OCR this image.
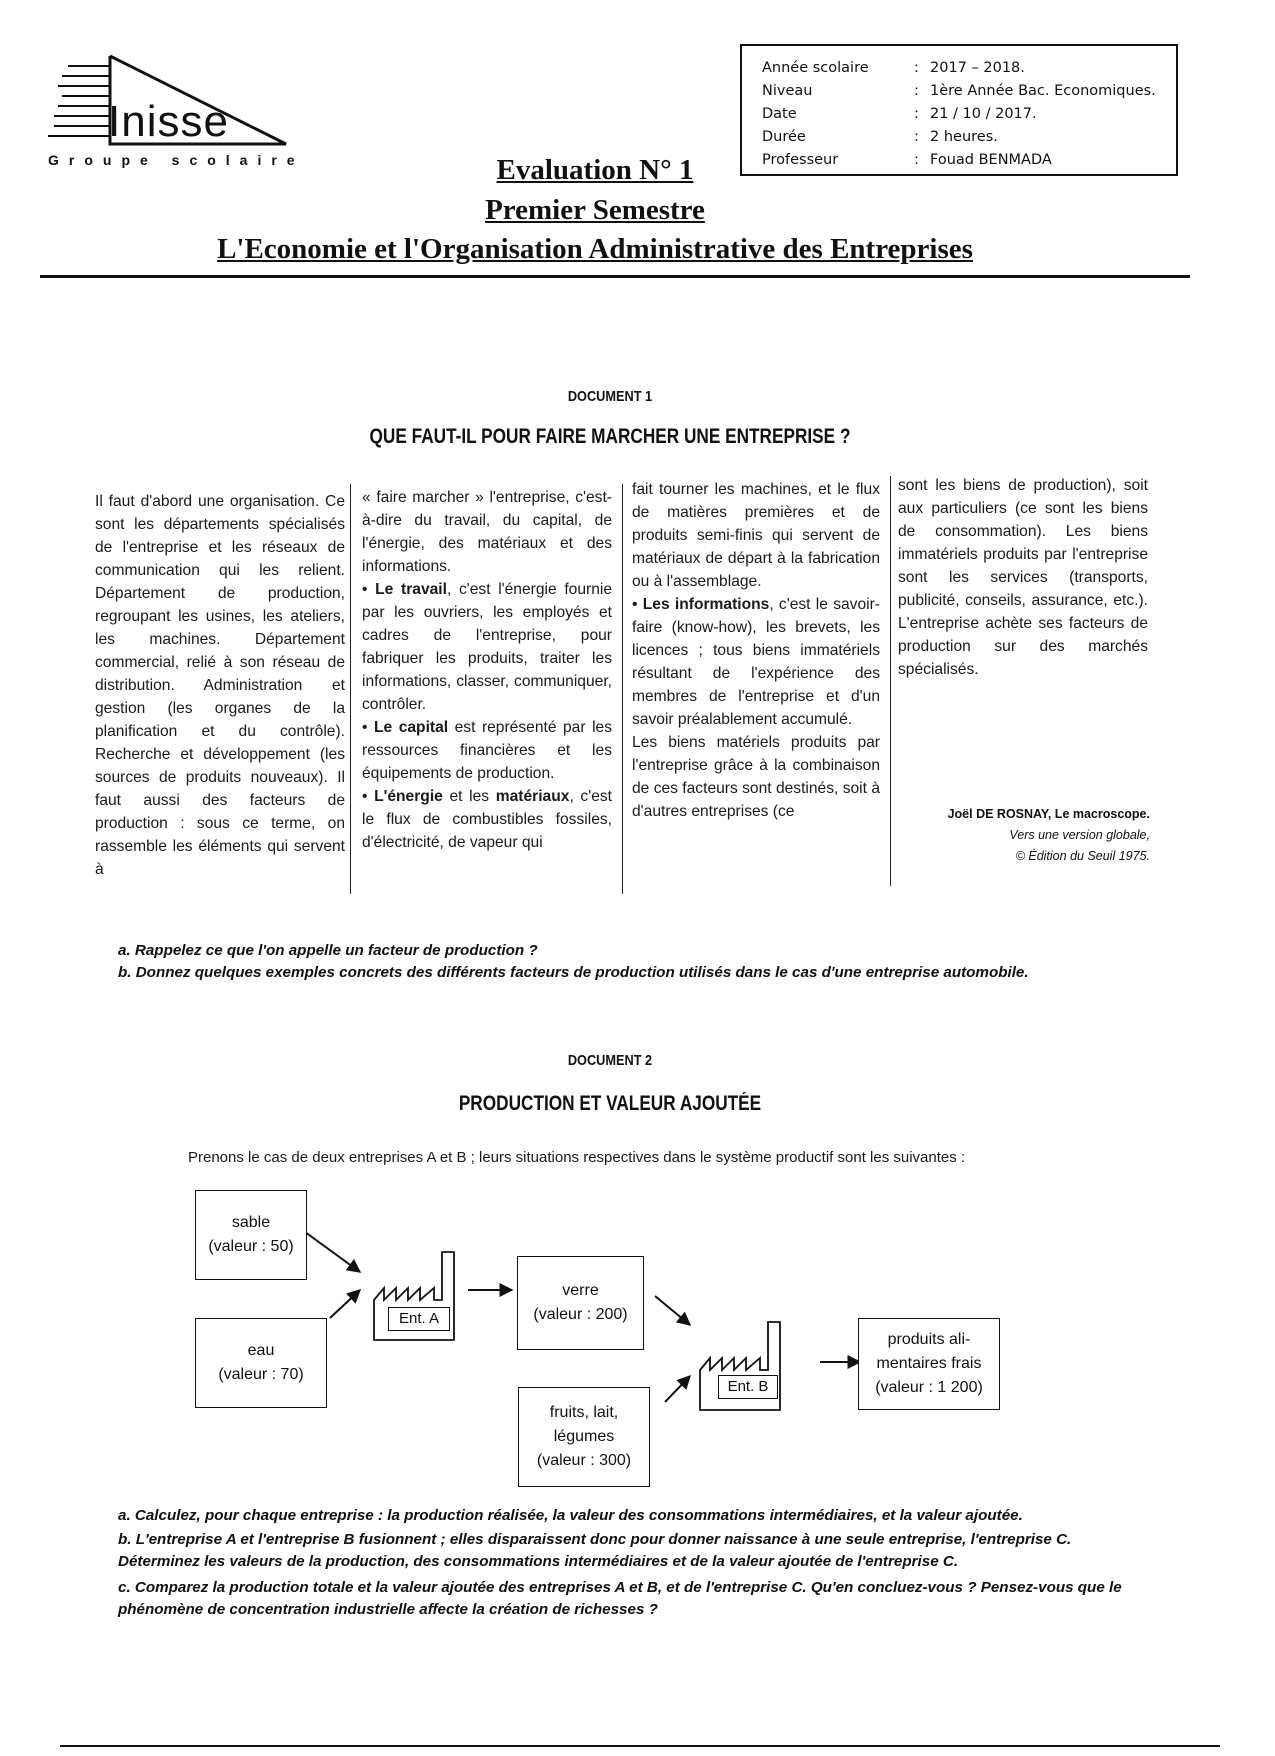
Inisse
Groupe scolaire
Année scolaire	: 2017 – 2018.
Niveau	: 1ère Année Bac. Economiques.
Date	: 21 / 10 / 2017.
Durée	: 2 heures.
Professeur	: Fouad BENMADA
Evaluation N° 1
Premier Semestre
L'Economie et l'Organisation Administrative des Entreprises
DOCUMENT 1
QUE FAUT-IL POUR FAIRE MARCHER UNE ENTREPRISE ?
Il faut d'abord une organisation. Ce sont les départements spécialisés de l'entreprise et les réseaux de communication qui les relient. Département de production, regroupant les usines, les ateliers, les machines. Département commercial, relié à son réseau de distribution. Administration et gestion (les organes de la planification et du contrôle). Recherche et développement (les sources de produits nouveaux). Il faut aussi des facteurs de production : sous ce terme, on rassemble les éléments qui servent à
« faire marcher » l'entreprise, c'est-à-dire du travail, du capital, de l'énergie, des matériaux et des informations.
• Le travail, c'est l'énergie fournie par les ouvriers, les employés et cadres de l'entreprise, pour fabriquer les produits, traiter les informations, classer, communiquer, contrôler.
• Le capital est représenté par les ressources financières et les équipements de production.
• L'énergie et les matériaux, c'est le flux de combustibles fossiles, d'électricité, de vapeur qui
fait tourner les machines, et le flux de matières premières et de produits semi-finis qui servent de matériaux de départ à la fabrication ou à l'assemblage.
• Les informations, c'est le savoir-faire (know-how), les brevets, les licences ; tous biens immatériels résultant de l'expérience des membres de l'entreprise et d'un savoir préalablement accumulé.
Les biens matériels produits par l'entreprise grâce à la combinaison de ces facteurs sont destinés, soit à d'autres entreprises (ce
sont les biens de production), soit aux particuliers (ce sont les biens de consommation). Les biens immatériels produits par l'entreprise sont les services (transports, publicité, conseils, assurance, etc.). L'entreprise achète ses facteurs de production sur des marchés spécialisés.
Joël DE ROSNAY, Le macroscope.
Vers une version globale,
© Édition du Seuil 1975.
a. Rappelez ce que l'on appelle un facteur de production ?
b. Donnez quelques exemples concrets des différents facteurs de production utilisés dans le cas d'une entreprise automobile.
DOCUMENT 2
PRODUCTION ET VALEUR AJOUTÉE
Prenons le cas de deux entreprises A et B ; leurs situations respectives dans le système productif sont les suivantes :
sable
(valeur : 50)
eau
(valeur : 70)
Ent. A
verre
(valeur : 200)
fruits, lait,
légumes
(valeur : 300)
Ent. B
produits ali-
mentaires frais
(valeur : 1 200)
a. Calculez, pour chaque entreprise : la production réalisée, la valeur des consommations intermédiaires, et la valeur ajoutée.
b. L'entreprise A et l'entreprise B fusionnent ; elles disparaissent donc pour donner naissance à une seule entreprise, l'entreprise C. Déterminez les valeurs de la production, des consommations intermédiaires et de la valeur ajoutée de l'entreprise C.
c. Comparez la production totale et la valeur ajoutée des entreprises A et B, et de l'entreprise C. Qu'en concluez-vous ? Pensez-vous que le phénomène de concentration industrielle affecte la création de richesses ?
